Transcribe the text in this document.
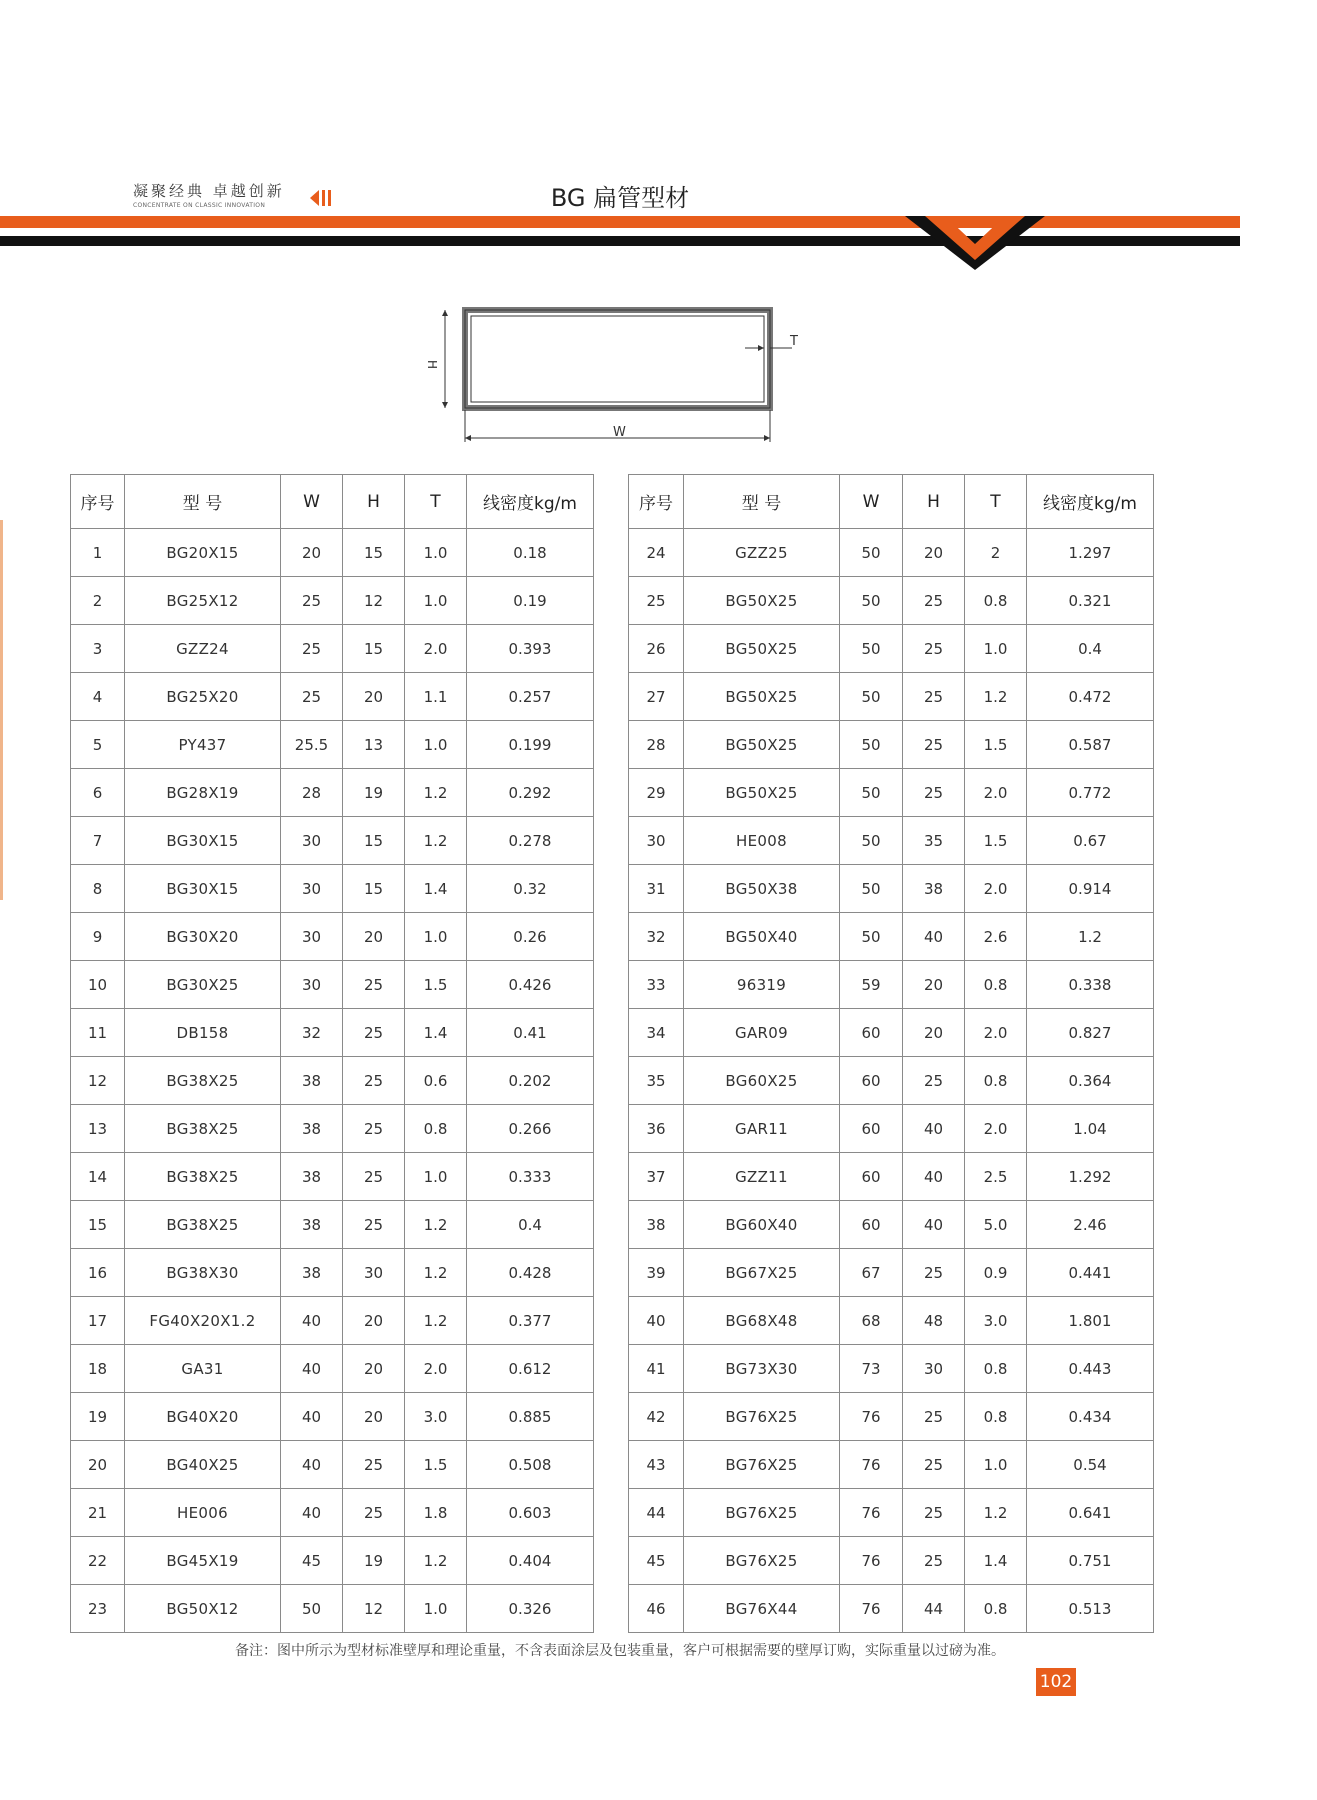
凝聚经典 卓越创新
CONCENTRATE ON CLASSIC INNOVATION	BG 扁管型材
H
T
W
序号	型 号	W	H	T	线密度kg/m
1	BG20X15	20	15	1.0	0.18
2	BG25X12	25	12	1.0	0.19
3	GZZ24	25	15	2.0	0.393
4	BG25X20	25	20	1.1	0.257
5	PY437	25.5	13	1.0	0.199
6	BG28X19	28	19	1.2	0.292
7	BG30X15	30	15	1.2	0.278
8	BG30X15	30	15	1.4	0.32
9	BG30X20	30	20	1.0	0.26
10	BG30X25	30	25	1.5	0.426
11	DB158	32	25	1.4	0.41
12	BG38X25	38	25	0.6	0.202
13	BG38X25	38	25	0.8	0.266
14	BG38X25	38	25	1.0	0.333
15	BG38X25	38	25	1.2	0.4
16	BG38X30	38	30	1.2	0.428
17	FG40X20X1.2	40	20	1.2	0.377
18	GA31	40	20	2.0	0.612
19	BG40X20	40	20	3.0	0.885
20	BG40X25	40	25	1.5	0.508
21	HE006	40	25	1.8	0.603
22	BG45X19	45	19	1.2	0.404
23	BG50X12	50	12	1.0	0.326
序号	型 号	W	H	T	线密度kg/m
24	GZZ25	50	20	2	1.297
25	BG50X25	50	25	0.8	0.321
26	BG50X25	50	25	1.0	0.4
27	BG50X25	50	25	1.2	0.472
28	BG50X25	50	25	1.5	0.587
29	BG50X25	50	25	2.0	0.772
30	HE008	50	35	1.5	0.67
31	BG50X38	50	38	2.0	0.914
32	BG50X40	50	40	2.6	1.2
33	96319	59	20	0.8	0.338
34	GAR09	60	20	2.0	0.827
35	BG60X25	60	25	0.8	0.364
36	GAR11	60	40	2.0	1.04
37	GZZ11	60	40	2.5	1.292
38	BG60X40	60	40	5.0	2.46
39	BG67X25	67	25	0.9	0.441
40	BG68X48	68	48	3.0	1.801
41	BG73X30	73	30	0.8	0.443
42	BG76X25	76	25	0.8	0.434
43	BG76X25	76	25	1.0	0.54
44	BG76X25	76	25	1.2	0.641
45	BG76X25	76	25	1.4	0.751
46	BG76X44	76	44	0.8	0.513
备注：图中所示为型材标准壁厚和理论重量，不含表面涂层及包装重量，客户可根据需要的壁厚订购，实际重量以过磅为准。
102
